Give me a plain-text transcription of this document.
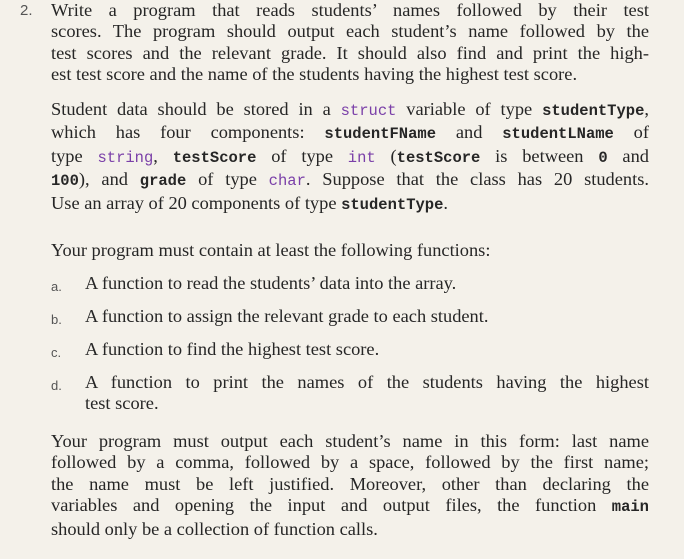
2. Write a program that reads students’ names followed by their test
scores. The program should output each student’s name followed by the
test scores and the relevant grade. It should also find and print the high-
est test score and the name of the students having the highest test score.
Student data should be stored in a struct variable of type studentType,
which has four components: studentFName and studentLName of
type string, testScore of type int (testScore is between 0 and
100), and grade of type char. Suppose that the class has 20 students.
Use an array of 20 components of type studentType.
Your program must contain at least the following functions:
a.	A function to read the students’ data into the array.
b.	A function to assign the relevant grade to each student.
c.	A function to find the highest test score.
d.	A function to print the names of the students having the highest
test score.
Your program must output each student’s name in this form: last name
followed by a comma, followed by a space, followed by the first name;
the name must be left justified. Moreover, other than declaring the
variables and opening the input and output files, the function main
should only be a collection of function calls.
